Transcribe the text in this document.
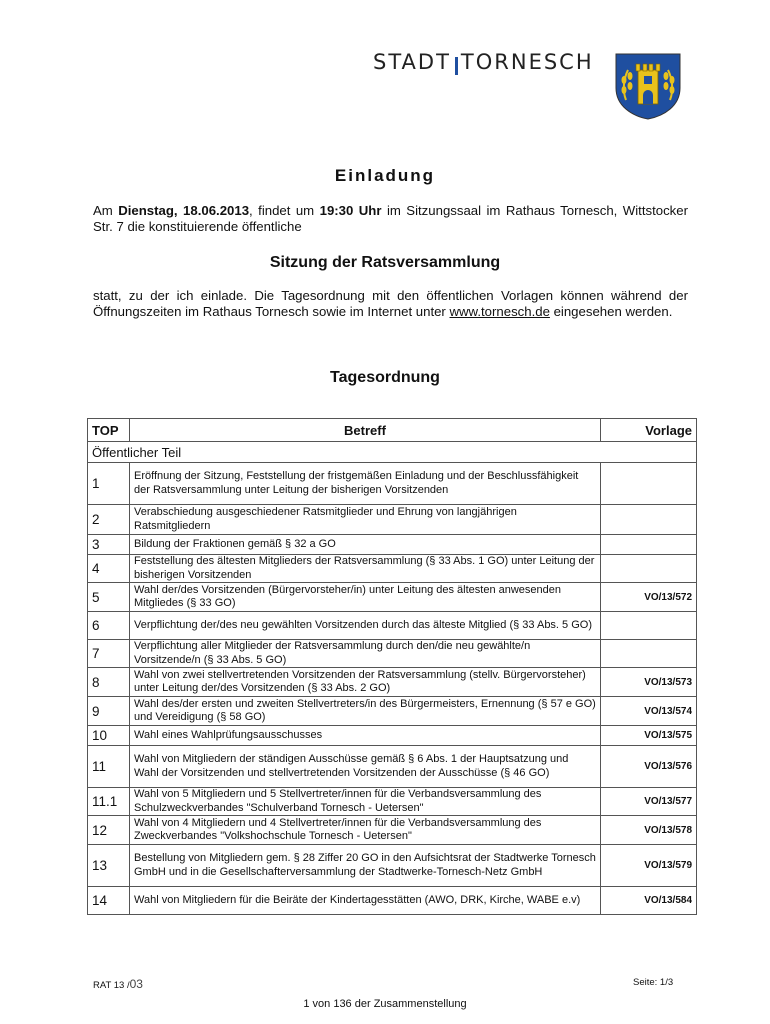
STADT TORNESCH
Einladung
Am Dienstag, 18.06.2013, findet um 19:30 Uhr im Sitzungssaal im Rathaus Tornesch, Wittstocker Str. 7 die konstituierende öffentliche
Sitzung der Ratsversammlung
statt, zu der ich einlade. Die Tagesordnung mit den öffentlichen Vorlagen können während der Öffnungszeiten im Rathaus Tornesch sowie im Internet unter www.tornesch.de eingesehen werden.
Tagesordnung
TOP	Betreff	Vorlage
Öffentlicher Teil		
1	Eröffnung der Sitzung, Feststellung der fristgemäßen Einladung und der Beschlussfähigkeit der Ratsversammlung unter Leitung der bisherigen Vorsitzenden	
2	Verabschiedung ausgeschiedener Ratsmitglieder und Ehrung von langjährigen Ratsmitgliedern	
3	Bildung der Fraktionen gemäß § 32 a GO	
4	Feststellung des ältesten Mitglieders der Ratsversammlung (§ 33 Abs. 1 GO) unter Leitung der bisherigen Vorsitzenden	
5	Wahl der/des Vorsitzenden (Bürgervorsteher/in) unter Leitung des ältesten anwesenden Mitgliedes (§ 33 GO)	VO/13/572
6	Verpflichtung der/des neu gewählten Vorsitzenden durch das älteste Mitglied (§ 33 Abs. 5 GO)	
7	Verpflichtung aller Mitglieder der Ratsversammlung durch den/die neu gewählte/n Vorsitzende/n (§ 33 Abs. 5 GO)	
8	Wahl von zwei stellvertretenden Vorsitzenden der Ratsversammlung (stellv. Bürgervorsteher) unter Leitung der/des Vorsitzenden (§ 33 Abs. 2 GO)	VO/13/573
9	Wahl des/der ersten und zweiten Stellvertreters/in des Bürgermeisters, Ernennung (§ 57 e GO) und Vereidigung (§ 58 GO)	VO/13/574
10	Wahl eines Wahlprüfungsausschusses	VO/13/575
11	Wahl von Mitgliedern der ständigen Ausschüsse gemäß § 6 Abs. 1 der Hauptsatzung und Wahl der Vorsitzenden und stellvertretenden Vorsitzenden der Ausschüsse (§ 46 GO)	VO/13/576
11.1	Wahl von 5 Mitgliedern und 5 Stellvertreter/innen für die Verbandsversammlung des Schulzweckverbandes "Schulverband Tornesch - Uetersen"	VO/13/577
12	Wahl von 4 Mitgliedern und 4 Stellvertreter/innen für die Verbandsversammlung des Zweckverbandes "Volkshochschule Tornesch - Uetersen"	VO/13/578
13	Bestellung von Mitgliedern gem. § 28 Ziffer 20 GO in den Aufsichtsrat der Stadtwerke Tornesch GmbH und in die Gesellschafterversammlung der Stadtwerke-Tornesch-Netz GmbH	VO/13/579
14	Wahl von Mitgliedern für die Beiräte der Kindertagesstätten (AWO, DRK, Kirche, WABE e.v)	VO/13/584
RAT 13 /03	Seite: 1/3
1 von 136 der Zusammenstellung
